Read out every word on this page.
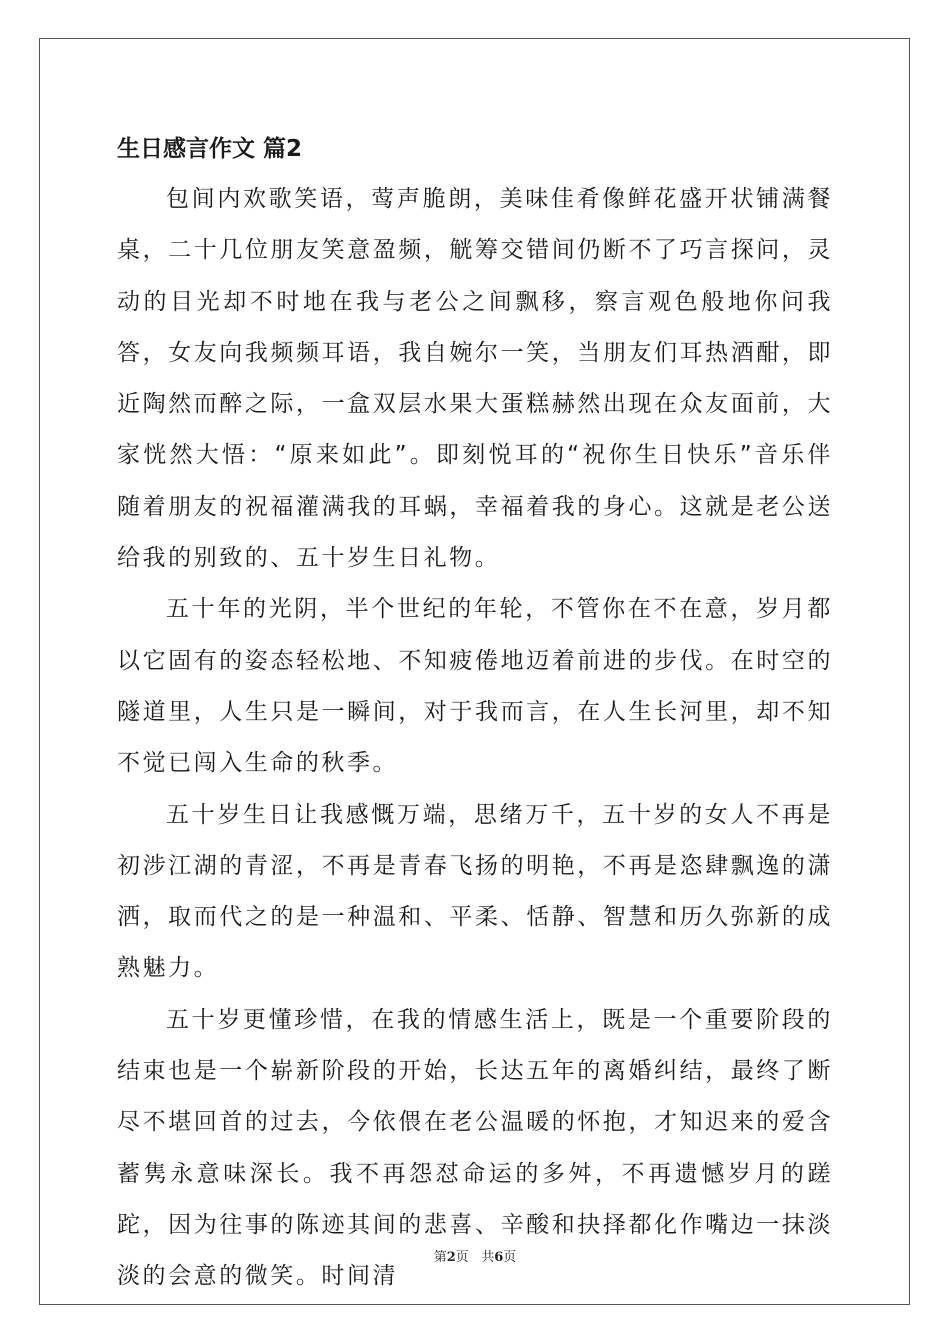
生日感言作文 篇2

包间内欢歌笑语，莺声脆朗，美味佳肴像鲜花盛开状铺满餐桌，二十几位朋友笑意盈频，觥筹交错间仍断不了巧言探问，灵动的目光却不时地在我与老公之间飘移，察言观色般地你问我答，女友向我频频耳语，我自婉尔一笑，当朋友们耳热酒酣，即近陶然而醉之际，一盒双层水果大蛋糕赫然出现在众友面前，大家恍然大悟：“原来如此”。即刻悦耳的“祝你生日快乐”音乐伴随着朋友的祝福灌满我的耳蜗，幸福着我的身心。这就是老公送给我的别致的、五十岁生日礼物。

五十年的光阴，半个世纪的年轮，不管你在不在意，岁月都以它固有的姿态轻松地、不知疲倦地迈着前进的步伐。在时空的隧道里，人生只是一瞬间，对于我而言，在人生长河里，却不知不觉已闯入生命的秋季。

五十岁生日让我感慨万端，思绪万千，五十岁的女人不再是初涉江湖的青涩，不再是青春飞扬的明艳，不再是恣肆飘逸的潇洒，取而代之的是一种温和、平柔、恬静、智慧和历久弥新的成熟魅力。

五十岁更懂珍惜，在我的情感生活上，既是一个重要阶段的结束也是一个崭新阶段的开始，长达五年的离婚纠结，最终了断尽不堪回首的过去，今依偎在老公温暖的怀抱，才知迟来的爱含蓄隽永意味深长。我不再怨怼命运的多舛，不再遗憾岁月的蹉跎，因为往事的陈迹其间的悲喜、辛酸和抉择都化作嘴边一抹淡淡的会意的微笑。时间清

第2页 共6页
